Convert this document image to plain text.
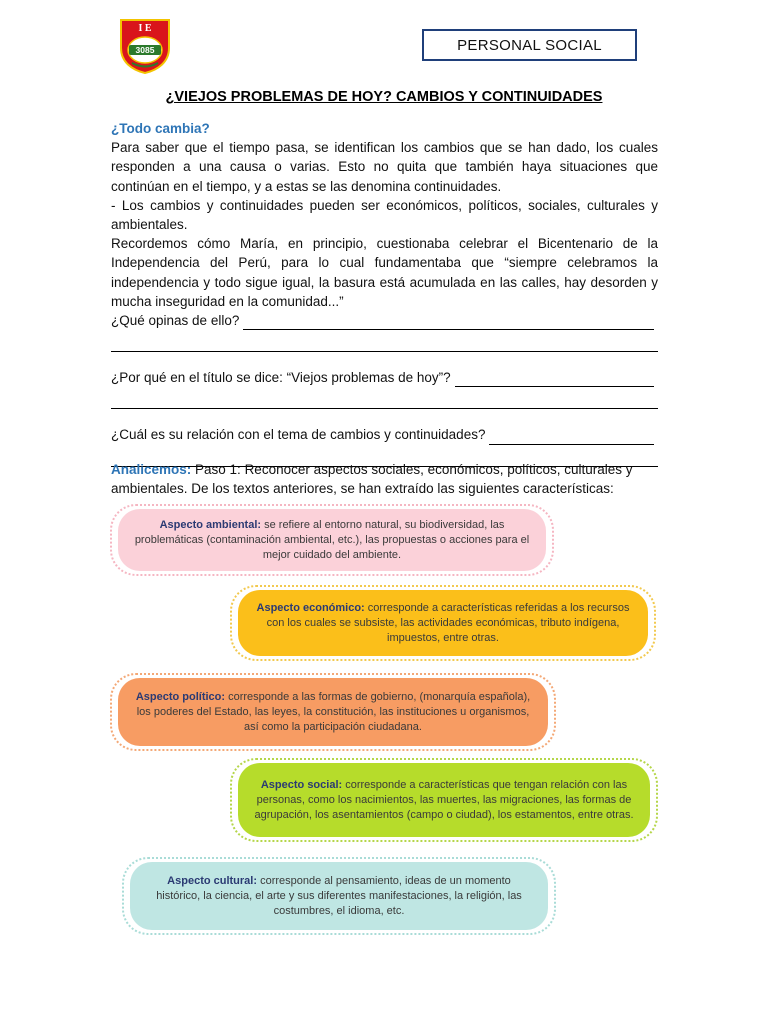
I E
3085	PERSONAL SOCIAL
¿VIEJOS PROBLEMAS DE HOY? CAMBIOS Y CONTINUIDADES
¿Todo cambia?

Para saber que el tiempo pasa, se identifican los cambios que se han dado, los cuales responden a una causa o varias. Esto no quita que también haya situaciones que continúan en el tiempo, y a estas se las denomina continuidades.

- Los cambios y continuidades pueden ser económicos, políticos, sociales, culturales y ambientales.

Recordemos cómo María, en principio, cuestionaba celebrar el Bicentenario de la Independencia del Perú, para lo cual fundamentaba que “siempre celebramos la independencia y todo sigue igual, la basura está acumulada en las calles, hay desorden y mucha inseguridad en la comunidad...”

¿Qué opinas de ello?
¿Por qué en el título se dice: “Viejos problemas de hoy”?
¿Cuál es su relación con el tema de cambios y continuidades?
Analicemos: Paso 1: Reconocer aspectos sociales, económicos, políticos, culturales y ambientales. De los textos anteriores, se han extraído las siguientes características:
Aspecto ambiental: se refiere al entorno natural, su biodiversidad, las problemáticas (contaminación ambiental, etc.), las propuestas o acciones para el mejor cuidado del ambiente.
Aspecto económico: corresponde a características referidas a los recursos con los cuales se subsiste, las actividades económicas, tributo indígena, impuestos, entre otras.
Aspecto político: corresponde a las formas de gobierno, (monarquía española), los poderes del Estado, las leyes, la constitución, las instituciones u organismos, así como la participación ciudadana.
Aspecto social: corresponde a características que tengan relación con las personas, como los nacimientos, las muertes, las migraciones, las formas de agrupación, los asentamientos (campo o ciudad), los estamentos, entre otras.
Aspecto cultural: corresponde al pensamiento, ideas de un momento histórico, la ciencia, el arte y sus diferentes manifestaciones, la religión, las costumbres, el idioma, etc.
